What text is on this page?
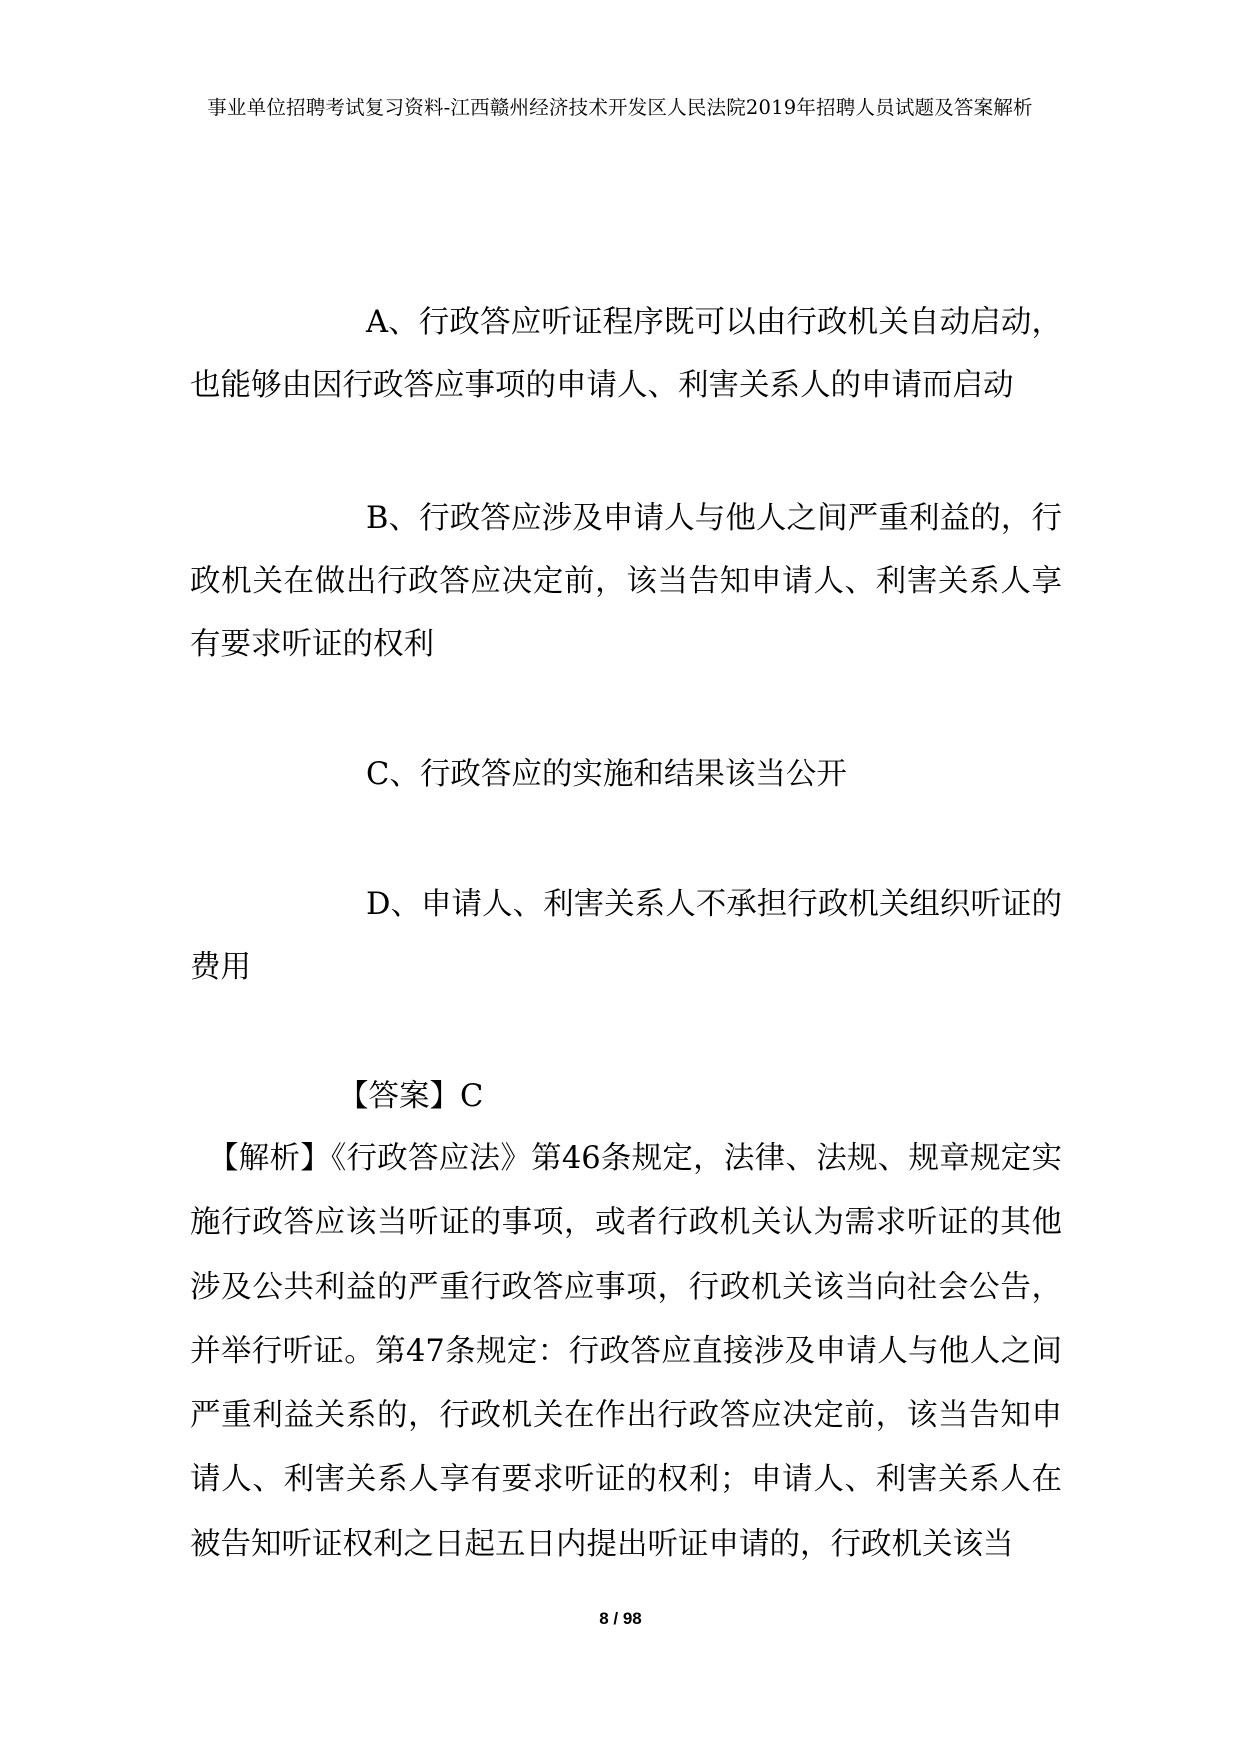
事业单位招聘考试复习资料-江西赣州经济技术开发区人民法院2019年招聘人员试题及答案解析
A、行政答应听证程序既可以由行政机关自动启动，也能够由因行政答应事项的申请人、利害关系人的申请而启动
B、行政答应涉及申请人与他人之间严重利益的，行政机关在做出行政答应决定前，该当告知申请人、利害关系人享有要求听证的权利
C、行政答应的实施和结果该当公开
D、申请人、利害关系人不承担行政机关组织听证的费用
【答案】C
【解析】《行政答应法》第46条规定，法律、法规、规章规定实施行政答应该当听证的事项，或者行政机关认为需求听证的其他涉及公共利益的严重行政答应事项，行政机关该当向社会公告，并举行听证。第47条规定：行政答应直接涉及申请人与他人之间严重利益关系的，行政机关在作出行政答应决定前，该当告知申请人、利害关系人享有要求听证的权利；申请人、利害关系人在被告知听证权利之日起五日内提出听证申请的，行政机关该当
8 / 98
